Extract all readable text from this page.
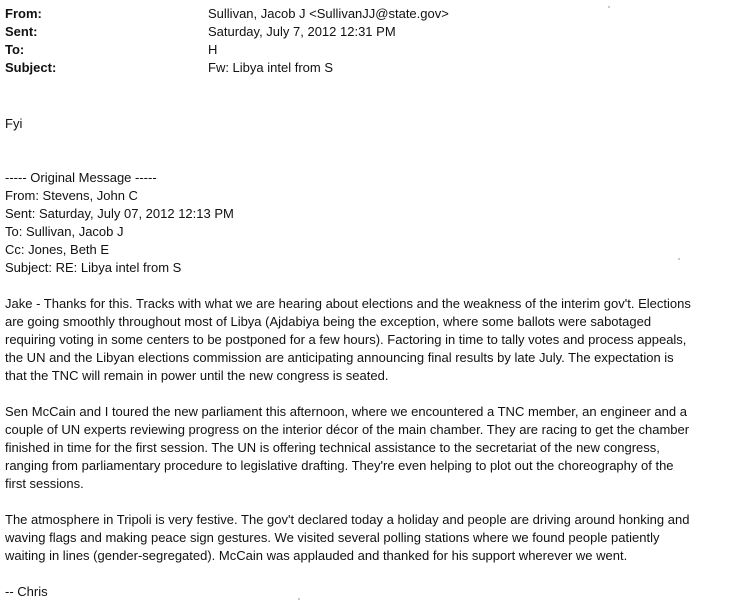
From:	Sullivan, Jacob J <SullivanJJ@state.gov>
Sent:	Saturday, July 7, 2012 12:31 PM
To:	H
Subject:	Fw: Libya intel from S
Fyi
----- Original Message -----
From: Stevens, John C
Sent: Saturday, July 07, 2012 12:13 PM
To: Sullivan, Jacob J
Cc: Jones, Beth E
Subject: RE: Libya intel from S
Jake - Thanks for this. Tracks with what we are hearing about elections and the weakness of the interim gov't. Elections
are going smoothly throughout most of Libya (Ajdabiya being the exception, where some ballots were sabotaged
requiring voting in some centers to be postponed for a few hours). Factoring in time to tally votes and process appeals,
the UN and the Libyan elections commission are anticipating announcing final results by late July. The expectation is
that the TNC will remain in power until the new congress is seated.
Sen McCain and I toured the new parliament this afternoon, where we encountered a TNC member, an engineer and a
couple of UN experts reviewing progress on the interior décor of the main chamber. They are racing to get the chamber
finished in time for the first session. The UN is offering technical assistance to the secretariat of the new congress,
ranging from parliamentary procedure to legislative drafting. They're even helping to plot out the choreography of the
first sessions.
The atmosphere in Tripoli is very festive. The gov't declared today a holiday and people are driving around honking and
waving flags and making peace sign gestures. We visited several polling stations where we found people patiently
waiting in lines (gender-segregated). McCain was applauded and thanked for his support wherever we went.
-- Chris
